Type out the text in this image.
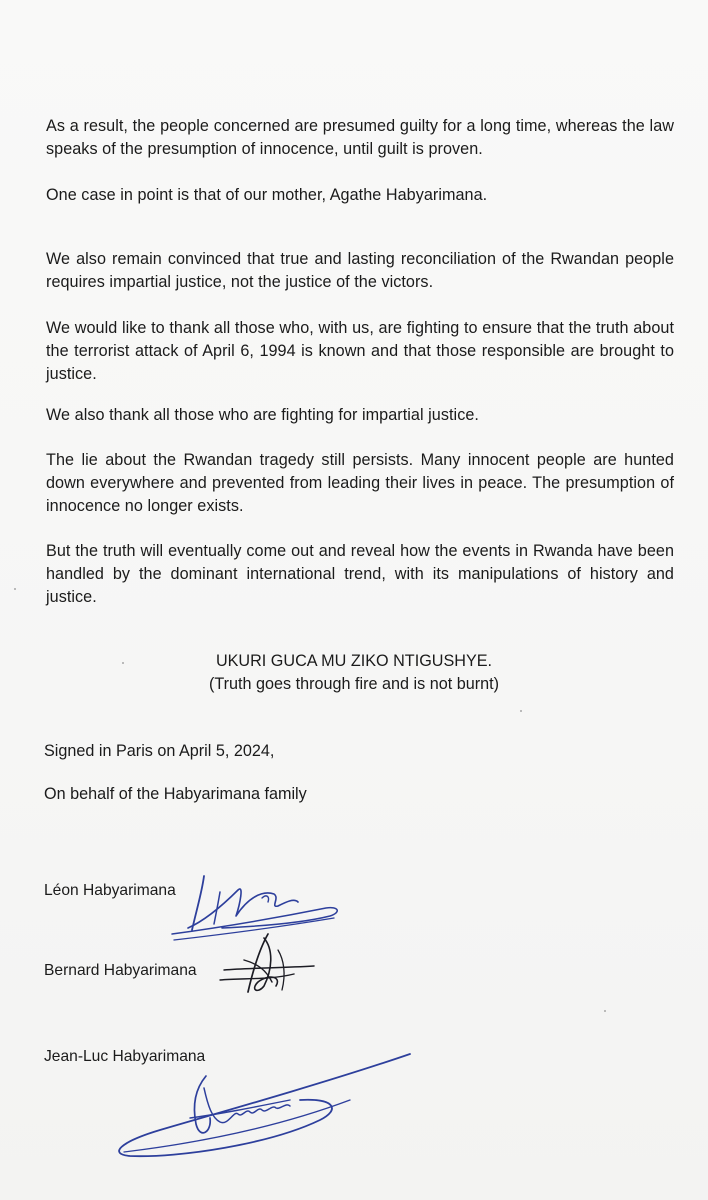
As a result, the people concerned are presumed guilty for a long time, whereas the law speaks of the presumption of innocence, until guilt is proven.

One case in point is that of our mother, Agathe Habyarimana.

We also remain convinced that true and lasting reconciliation of the Rwandan people requires impartial justice, not the justice of the victors.

We would like to thank all those who, with us, are fighting to ensure that the truth about the terrorist attack of April 6, 1994 is known and that those responsible are brought to justice.

We also thank all those who are fighting for impartial justice.

The lie about the Rwandan tragedy still persists. Many innocent people are hunted down everywhere and prevented from leading their lives in peace. The presumption of innocence no longer exists.

But the truth will eventually come out and reveal how the events in Rwanda have been handled by the dominant international trend, with its manipulations of history and justice.

UKURI GUCA MU ZIKO NTIGUSHYE.

(Truth goes through fire and is not burnt)

Signed in Paris on April 5, 2024,

On behalf of the Habyarimana family

Léon Habyarimana
Bernard Habyarimana
Jean-Luc Habyarimana
